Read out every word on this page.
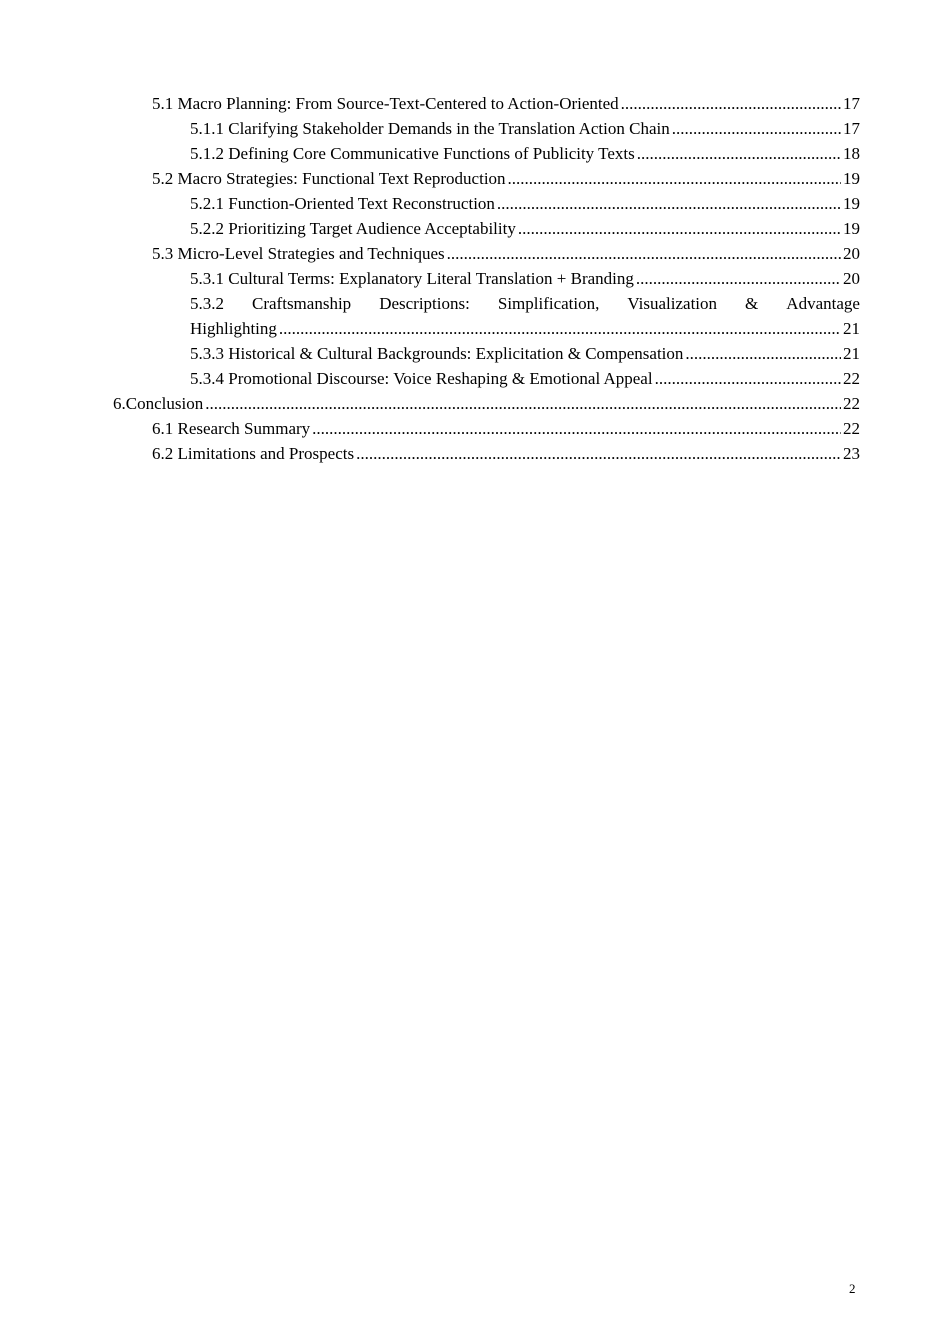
5.1 Macro Planning: From Source-Text-Centered to Action-Oriented .....	17
5.1.1 Clarifying Stakeholder Demands in the Translation Action Chain .....	17
5.1.2 Defining Core Communicative Functions of Publicity Texts .....	18
5.2 Macro Strategies: Functional Text Reproduction .....	19
5.2.1 Function-Oriented Text Reconstruction .....	19
5.2.2 Prioritizing Target Audience Acceptability .....	19
5.3 Micro-Level Strategies and Techniques .....	20
5.3.1 Cultural Terms: Explanatory Literal Translation + Branding .....	20
5.3.2 Craftsmanship Descriptions: Simplification, Visualization & Advantage
Highlighting .....	21
5.3.3 Historical & Cultural Backgrounds: Explicitation & Compensation .....	21
5.3.4 Promotional Discourse: Voice Reshaping & Emotional Appeal .....	22
6.Conclusion .....	22
6.1 Research Summary .....	22
6.2 Limitations and Prospects .....	23
2
